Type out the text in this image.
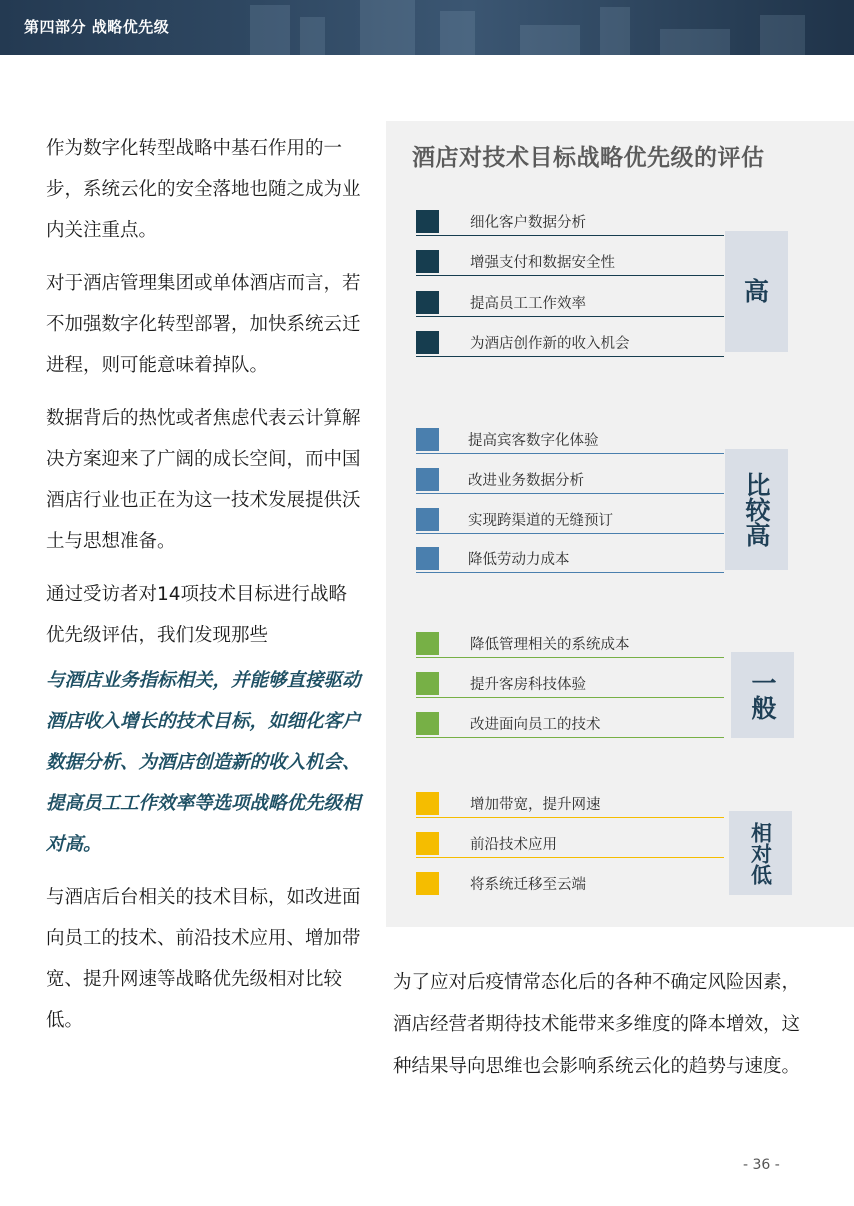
第四部分 战略优先级

作为数字化转型战略中基石作用的一步，系统云化的安全落地也随之成为业内关注重点。

对于酒店管理集团或单体酒店而言，若不加强数字化转型部署，加快系统云迁进程，则可能意味着掉队。

数据背后的热忱或者焦虑代表云计算解决方案迎来了广阔的成长空间，而中国酒店行业也正在为这一技术发展提供沃土与思想准备。

通过受访者对14项技术目标进行战略优先级评估，我们发现那些

与酒店业务指标相关，并能够直接驱动酒店收入增长的技术目标，如细化客户数据分析、为酒店创造新的收入机会、提高员工工作效率等选项战略优先级相对高。

与酒店后台相关的技术目标，如改进面向员工的技术、前沿技术应用、增加带宽、提升网速等战略优先级相对比较低。

酒店对技术目标战略优先级的评估
细化客户数据分析
增强支付和数据安全性
提高员工工作效率
为酒店创作新的收入机会
高
提高宾客数字化体验
改进业务数据分析
实现跨渠道的无缝预订
降低劳动力成本
比较高
降低管理相关的系统成本
提升客房科技体验
改进面向员工的技术
一般
增加带宽，提升网速
前沿技术应用
将系统迁移至云端
相对低

为了应对后疫情常态化后的各种不确定风险因素，酒店经营者期待技术能带来多维度的降本增效，这种结果导向思维也会影响系统云化的趋势与速度。

- 36 -
